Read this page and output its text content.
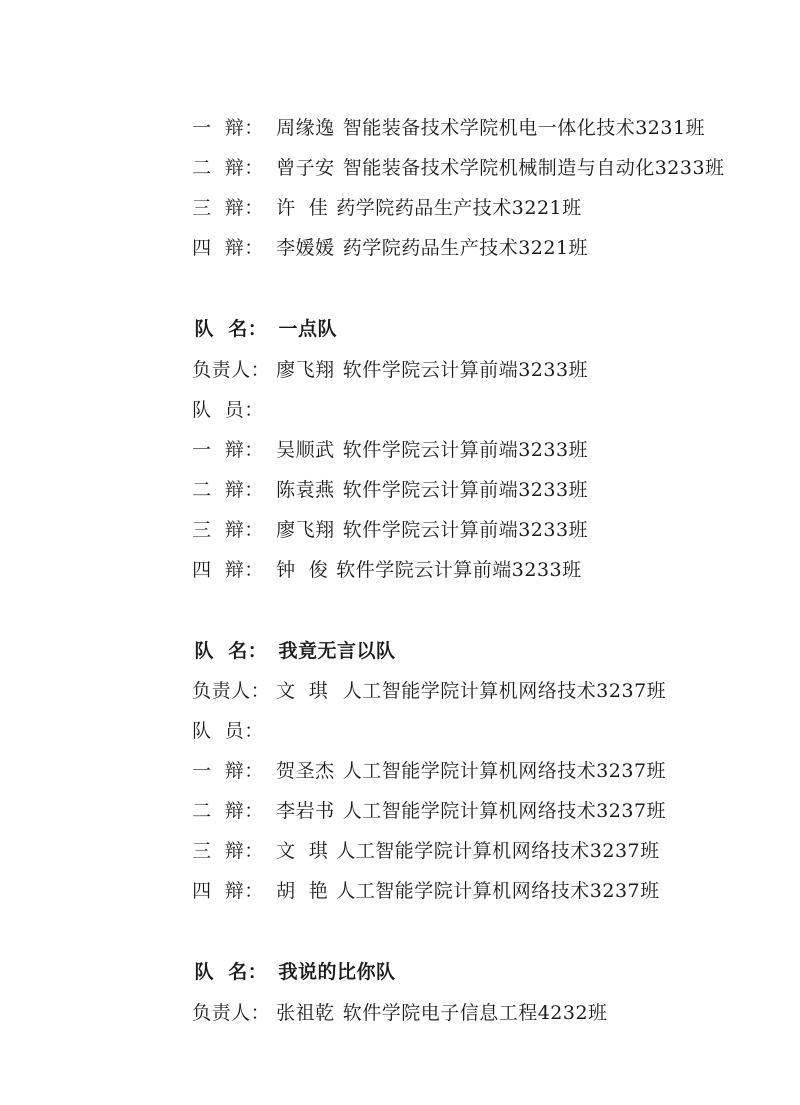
一  辩： 周缘逸 智能装备技术学院机电一体化技术3231班

二  辩： 曾子安 智能装备技术学院机械制造与自动化3233班

三  辩： 许  佳 药学院药品生产技术3221班

四  辩： 李媛媛 药学院药品生产技术3221班

队  名： 一点队

负责人： 廖飞翔 软件学院云计算前端3233班

队  员：

一  辩： 吴顺武 软件学院云计算前端3233班

二  辩： 陈袁燕 软件学院云计算前端3233班

三  辩： 廖飞翔 软件学院云计算前端3233班

四  辩： 钟  俊 软件学院云计算前端3233班

队  名： 我竟无言以队

负责人： 文  琪 人工智能学院计算机网络技术3237班

队  员：

一  辩： 贺圣杰 人工智能学院计算机网络技术3237班

二  辩： 李岩书 人工智能学院计算机网络技术3237班

三  辩： 文  琪 人工智能学院计算机网络技术3237班

四  辩： 胡  艳 人工智能学院计算机网络技术3237班

队  名： 我说的比你队

负责人： 张祖乾 软件学院电子信息工程4232班
